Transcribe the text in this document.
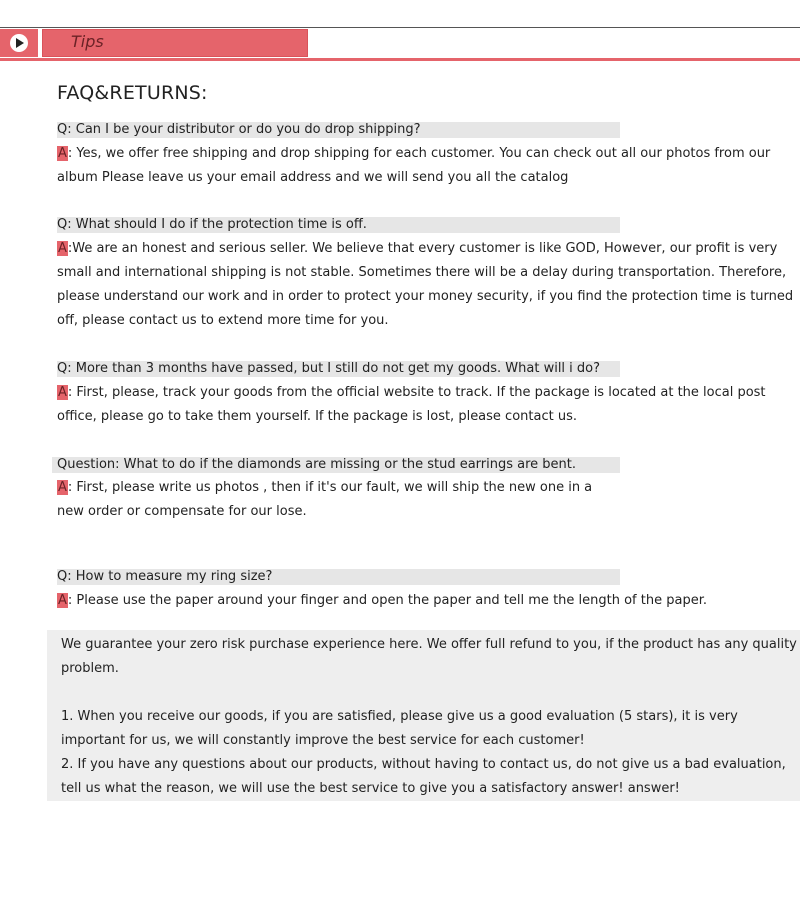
Tips
FAQ&RETURNS:
Q: Can I be your distributor or do you do drop shipping?
A: Yes, we offer free shipping and drop shipping for each customer. You can check out all our photos from our album Please leave us your email address and we will send you all the catalog
Q: What should I do if the protection time is off.
A:We are an honest and serious seller. We believe that every customer is like GOD, However, our profit is very small and international shipping is not stable. Sometimes there will be a delay during transportation. Therefore, please understand our work and in order to protect your money security, if you find the protection time is turned off, please contact us to extend more time for you.
Q: More than 3 months have passed, but I still do not get my goods. What will i do?
A: First, please, track your goods from the official website to track. If the package is located at the local post office, please go to take them yourself. If the package is lost, please contact us.
Question: What to do if the diamonds are missing or the stud earrings are bent.
A: First, please write us photos , then if it's our fault, we will ship the new one in a new order or compensate for our lose.
Q: How to measure my ring size?
A: Please use the paper around your finger and open the paper and tell me the length of the paper.

We guarantee your zero risk purchase experience here. We offer full refund to you, if the product has any quality problem.

1. When you receive our goods, if you are satisfied, please give us a good evaluation (5 stars), it is very important for us, we will constantly improve the best service for each customer!

2. If you have any questions about our products, without having to contact us, do not give us a bad evaluation, tell us what the reason, we will use the best service to give you a satisfactory answer! answer!
